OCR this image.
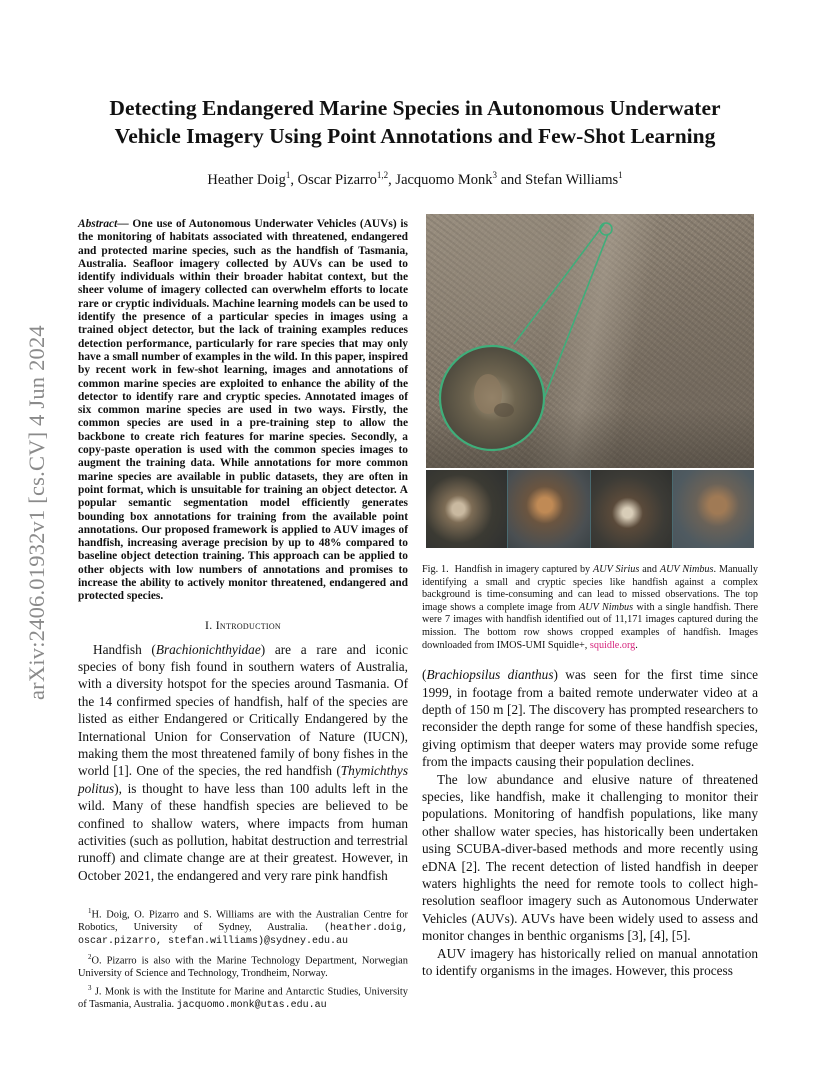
arXiv:2406.01932v1 [cs.CV] 4 Jun 2024
Detecting Endangered Marine Species in Autonomous Underwater Vehicle Imagery Using Point Annotations and Few-Shot Learning
Heather Doig$^1$, Oscar Pizarro$^{1,2}$, Jacquomo Monk$^3$ and Stefan Williams$^1$

Abstract— One use of Autonomous Underwater Vehicles (AUVs) is the monitoring of habitats associated with threatened, endangered and protected marine species, such as the handfish of Tasmania, Australia. Seafloor imagery collected by AUVs can be used to identify individuals within their broader habitat context, but the sheer volume of imagery collected can overwhelm efforts to locate rare or cryptic individuals. Machine learning models can be used to identify the presence of a particular species in images using a trained object detector, but the lack of training examples reduces detection performance, particularly for rare species that may only have a small number of examples in the wild. In this paper, inspired by recent work in few-shot learning, images and annotations of common marine species are exploited to enhance the ability of the detector to identify rare and cryptic species. Annotated images of six common marine species are used in two ways. Firstly, the common species are used in a pre-training step to allow the backbone to create rich features for marine species. Secondly, a copy-paste operation is used with the common species images to augment the training data. While annotations for more common marine species are available in public datasets, they are often in point format, which is unsuitable for training an object detector. A popular semantic segmentation model efficiently generates bounding box annotations for training from the available point annotations. Our proposed framework is applied to AUV images of handfish, increasing average precision by up to 48% compared to baseline object detection training. This approach can be applied to other objects with low numbers of annotations and promises to increase the ability to actively monitor threatened, endangered and protected species.

I. Introduction

Handfish (Brachionichthyidae) are a rare and iconic species of bony fish found in southern waters of Australia, with a diversity hotspot for the species around Tasmania. Of the 14 confirmed species of handfish, half of the species are listed as either Endangered or Critically Endangered by the International Union for Conservation of Nature (IUCN), making them the most threatened family of bony fishes in the world [1]. One of the species, the red handfish (Thymichthys politus), is thought to have less than 100 adults left in the wild. Many of these handfish species are believed to be confined to shallow waters, where impacts from human activities (such as pollution, habitat destruction and terrestrial runoff) and climate change are at their greatest. However, in October 2021, the endangered and very rare pink handfish

$^1$H. Doig, O. Pizarro and S. Williams are with the Australian Centre for Robotics, University of Sydney, Australia. (heather.doig, oscar.pizarro, stefan.williams)@sydney.edu.au

$^2$O. Pizarro is also with the Marine Technology Department, Norwegian University of Science and Technology, Trondheim, Norway.

$^3$ J. Monk is with the Institute for Marine and Antarctic Studies, University of Tasmania, Australia. jacquomo.monk@utas.edu.au

Fig. 1. Handfish in imagery captured by AUV Sirius and AUV Nimbus. Manually identifying a small and cryptic species like handfish against a complex background is time-consuming and can lead to missed observations. The top image shows a complete image from AUV Nimbus with a single handfish. There were 7 images with handfish identified out of 11,171 images captured during the mission. The bottom row shows cropped examples of handfish. Images downloaded from IMOS-UMI Squidle+, squidle.org.

(Brachiopsilus dianthus) was seen for the first time since 1999, in footage from a baited remote underwater video at a depth of 150 m [2]. The discovery has prompted researchers to reconsider the depth range for some of these handfish species, giving optimism that deeper waters may provide some refuge from the impacts causing their population declines.

The low abundance and elusive nature of threatened species, like handfish, make it challenging to monitor their populations. Monitoring of handfish populations, like many other shallow water species, has historically been undertaken using SCUBA-diver-based methods and more recently using eDNA [2]. The recent detection of listed handfish in deeper waters highlights the need for remote tools to collect high-resolution seafloor imagery such as Autonomous Underwater Vehicles (AUVs). AUVs have been widely used to assess and monitor changes in benthic organisms [3], [4], [5].

AUV imagery has historically relied on manual annotation to identify organisms in the images. However, this process
